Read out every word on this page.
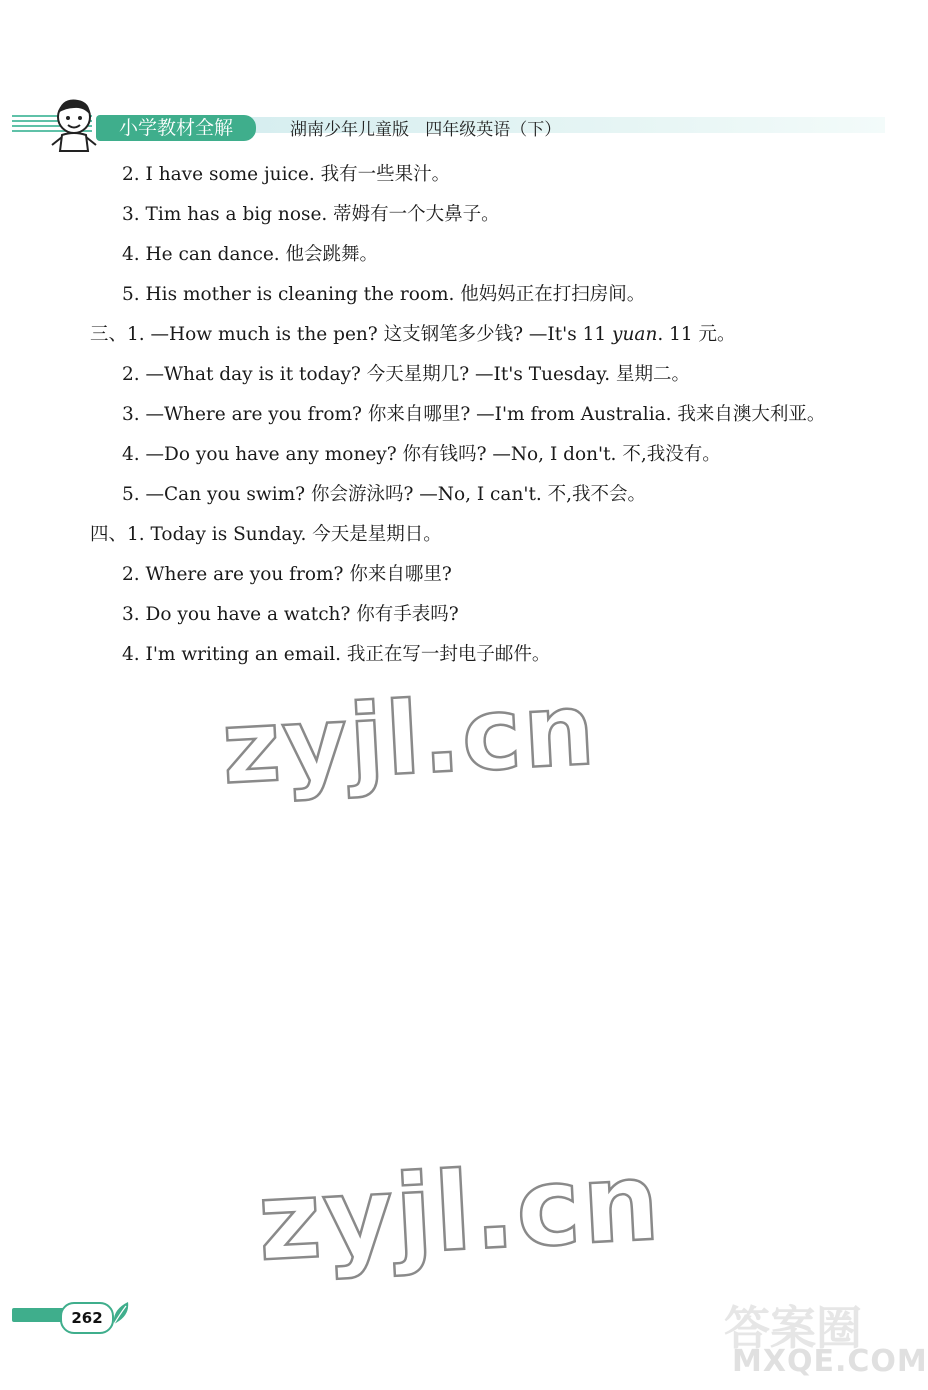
小学教材全解	湖南少年儿童版   四年级英语（下）
2. I have some juice. 我有一些果汁。
3. Tim has a big nose. 蒂姆有一个大鼻子。
4. He can dance. 他会跳舞。
5. His mother is cleaning the room. 他妈妈正在打扫房间。
三、1. —How much is the pen? 这支钢笔多少钱? —It's 11 yuan. 11 元。
2. —What day is it today? 今天星期几? —It's Tuesday. 星期二。
3. —Where are you from? 你来自哪里? —I'm from Australia. 我来自澳大利亚。
4. —Do you have any money? 你有钱吗? —No, I don't. 不,我没有。
5. —Can you swim? 你会游泳吗? —No, I can't. 不,我不会。
四、1. Today is Sunday. 今天是星期日。
2. Where are you from? 你来自哪里?
3. Do you have a watch? 你有手表吗?
4. I'm writing an email. 我正在写一封电子邮件。
zyjl.cn
zyjl.cn
262	答案圈
MXQE.COM
